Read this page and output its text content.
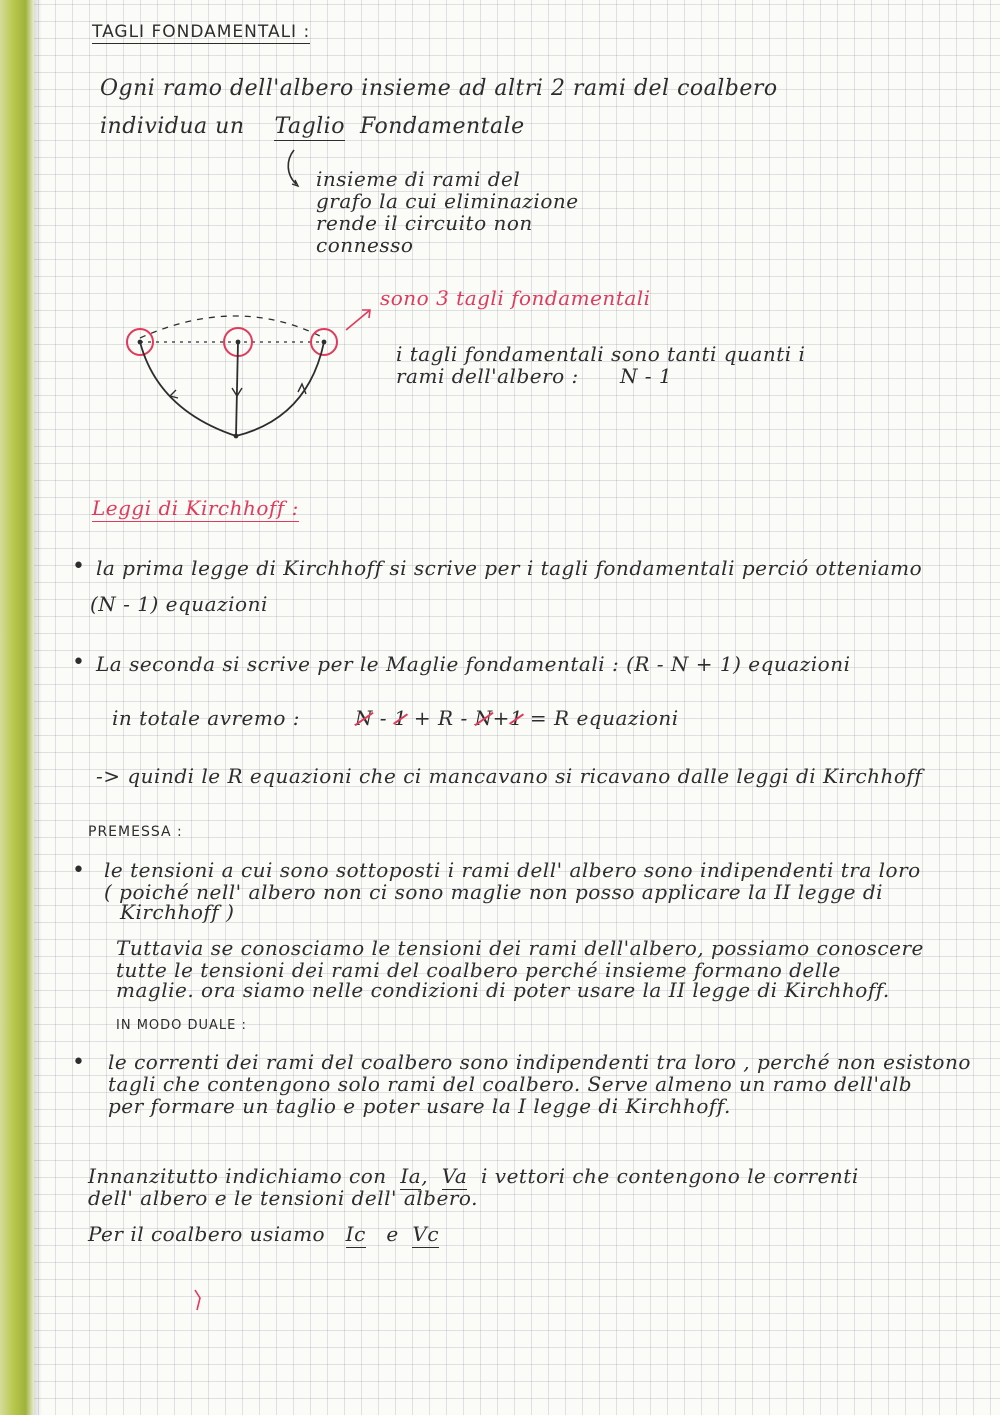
TAGLI FONDAMENTALI :
Ogni ramo dell'albero insieme ad altri 2 rami del coalbero
individua un Taglio Fondamentale
insieme di rami del
grafo la cui eliminazione
rende il circuito non
connesso
sono 3 tagli fondamentali
i tagli fondamentali sono tanti quanti i
rami dell'albero : N - 1
Leggi di Kirchhoff :
• la prima legge di Kirchhoff si scrive per i tagli fondamentali perció otteniamo
(N - 1) equazioni
• La seconda si scrive per le Maglie fondamentali : (R - N + 1) equazioni
in totale avremo :	N - 1 + R - N+1 = R equazioni
-> quindi le R equazioni che ci mancavano si ricavano dalle leggi di Kirchhoff
PREMESSA :
• le tensioni a cui sono sottoposti i rami dell' albero sono indipendenti tra loro
( poiché nell' albero non ci sono maglie non posso applicare la II legge di
Kirchhoff )
Tuttavia se conosciamo le tensioni dei rami dell'albero, possiamo conoscere
tutte le tensioni dei rami del coalbero perché insieme formano delle
maglie. ora siamo nelle condizioni di poter usare la II legge di Kirchhoff.
IN MODO DUALE :
• le correnti dei rami del coalbero sono indipendenti tra loro , perché non esistono
tagli che contengono solo rami del coalbero. Serve almeno un ramo dell'alb
per formare un taglio e poter usare la I legge di Kirchhoff.
Innanzitutto indichiamo con Ia, Va i vettori che contengono le correnti
dell' albero e le tensioni dell' albero.
Per il coalbero usiamo Ic e Vc
